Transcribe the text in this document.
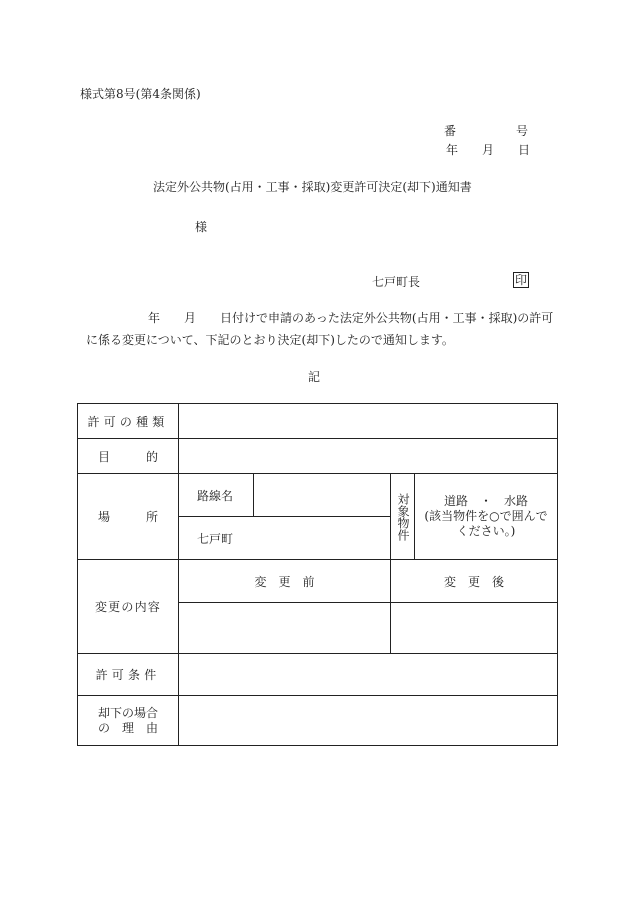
様式第8号(第4条関係)
番　　　　　号
年　　月　　日
法定外公共物(占用・工事・採取)変更許可決定(却下)通知書
様
七戸町長	印
年　　月　　日付けで申請のあった法定外公共物(占用・工事・採取)の許可
に係る変更について、下記のとおり決定(却下)したので通知します。
記
許可の種類				
目　　　的				
場　　　所	路線名		対象物件	道路　・　水路
(該当物件を○で囲んで
ください。)

	七戸町			
変更の内容	変　更　前		変　更　後	

許可条件				

却下の場合
の　理　由				
